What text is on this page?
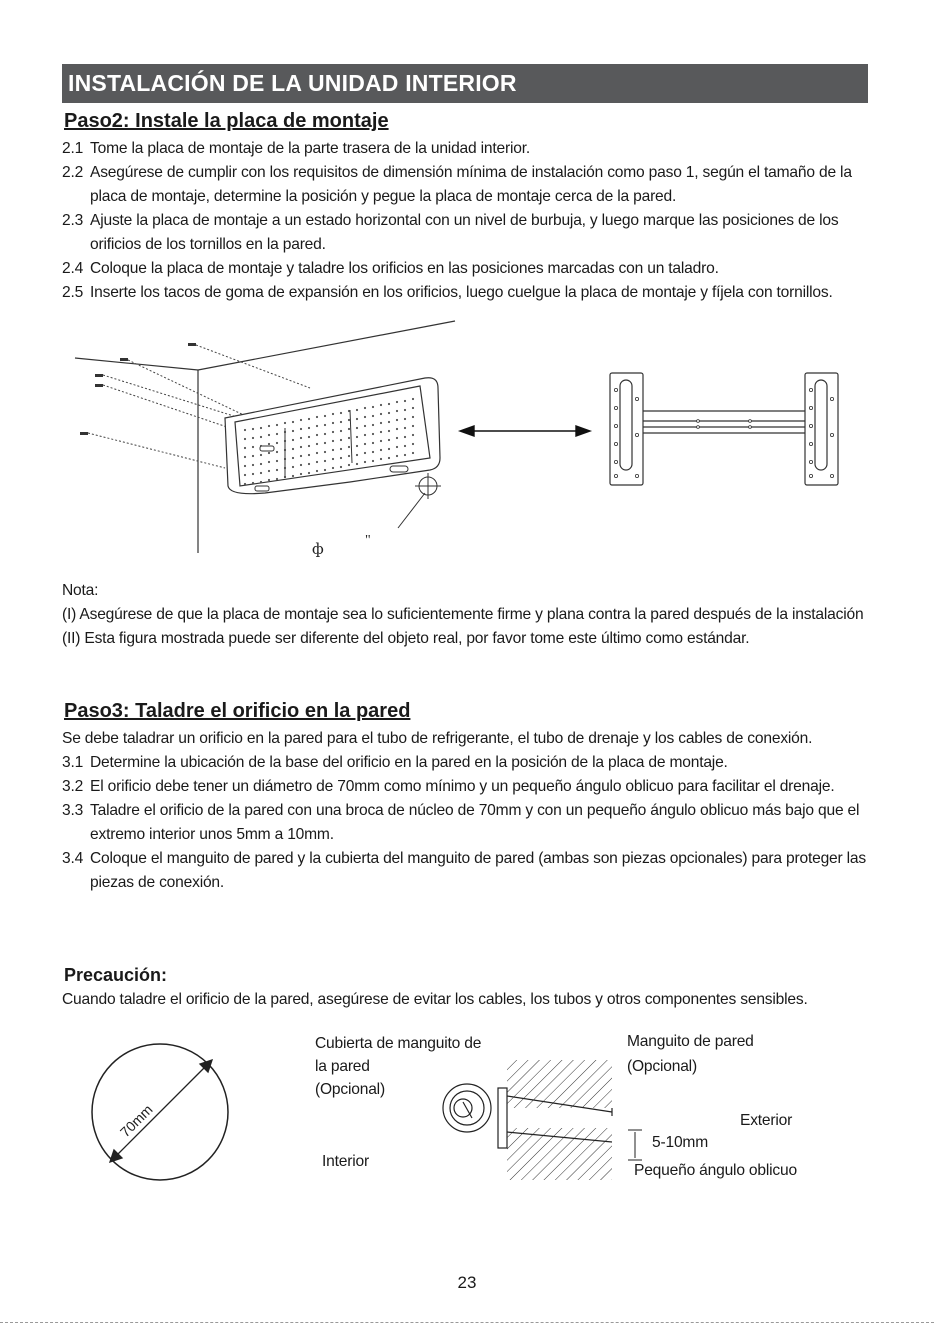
INSTALACIÓN DE LA UNIDAD INTERIOR
Paso2: Instale la placa de montaje
2.1 Tome la placa de montaje de la parte trasera de la unidad interior.
2.2 Asegúrese de cumplir con los requisitos de dimensión mínima de instalación como paso 1, según el tamaño de la placa de montaje, determine la posición y pegue la placa de montaje cerca de la pared.
2.3 Ajuste la placa de montaje a un estado horizontal con un nivel de burbuja, y luego marque las posiciones de los orificios de los tornillos en la pared.
2.4 Coloque la placa de montaje y taladre los orificios en las posiciones marcadas con un taladro.
2.5 Inserte los tacos de goma de expansión en los orificios, luego cuelgue la placa de montaje y fíjela con tornillos.
ф	"
Nota:
(I) Asegúrese de que la placa de montaje sea lo suficientemente firme y plana contra la pared después de la instalación
(II) Esta figura mostrada puede ser diferente del objeto real, por favor tome este último como estándar.
Paso3: Taladre el orificio en la pared
Se debe taladrar un orificio en la pared para el tubo de refrigerante, el tubo de drenaje y los cables de conexión.
3.1 Determine la ubicación de la base del orificio en la pared en la posición de la placa de montaje.
3.2 El orificio debe tener un diámetro de 70mm como mínimo y un pequeño ángulo oblicuo para facilitar el drenaje.
3.3 Taladre el orificio de la pared con una broca de núcleo de 70mm y con un pequeño ángulo oblicuo más bajo que el extremo interior unos 5mm a 10mm.
3.4 Coloque el manguito de pared y la cubierta del manguito de pared (ambas son piezas opcionales) para proteger las piezas de conexión.
Precaución:
Cuando taladre el orificio de la pared, asegúrese de evitar los cables, los tubos y otros componentes sensibles.
70mm
Cubierta de manguito de
la pared
(Opcional)
Interior
Manguito de pared
(Opcional)
Exterior
5-10mm
Pequeño ángulo oblicuo
23
